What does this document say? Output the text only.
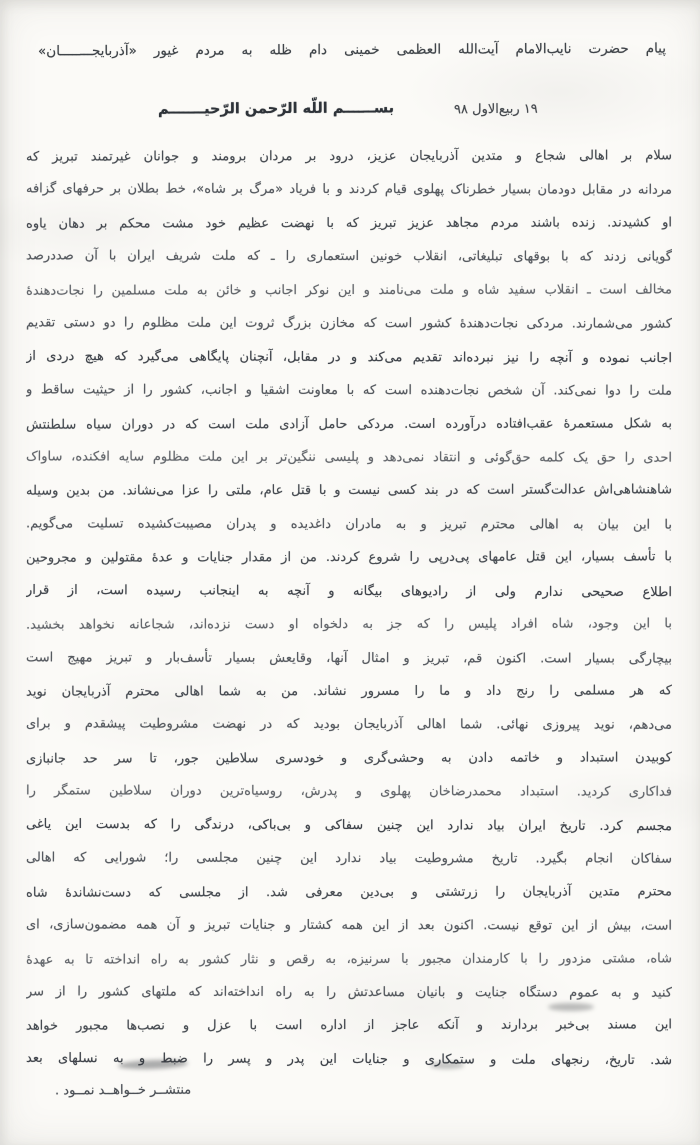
پیام حضرت نایب‌الامام آیت‌الله العظمی خمینی دام ظله به مردم غیور «آذربایجــــــــان»
۱۹ ربیع‌الاول ۹۸
بســــــم اللّه الرّحمن الرّحیـــــــم
سلام بر اهالی شجاع و متدین آذربایجان عزیز، درود بر مردان برومند و جوانان غیرتمند تبریز که
مردانه در مقابل دودمان بسیار خطرناک پهلوی قیام کردند و با فریاد «مرگ بر شاه»، خط بطلان بر حرفهای گزافه
او کشیدند. زنده باشند مردم مجاهد عزیز تبریز که با نهضت عظیم خود مشت محکم بر دهان یاوه
گویانی زدند که با بوقهای تبلیغاتی، انقلاب خونین استعماری را ـ که ملت شریف ایران با آن صددرصد
مخالف است ـ انقلاب سفید شاه و ملت می‌نامند و این نوکر اجانب و خائن به ملت مسلمین را نجات‌دهندهٔ
کشور می‌شمارند. مردکی نجات‌دهندهٔ کشور است که مخازن بزرگ ثروت این ملت مظلوم را دو دستی تقدیم
اجانب نموده و آنچه را نیز نبرده‌اند تقدیم می‌کند و در مقابل، آنچنان پایگاهی می‌گیرد که هیچ دردی از
ملت را دوا نمی‌کند. آن شخص نجات‌دهنده است که با معاونت اشقیا و اجانب، کشور را از حیثیت ساقط و
به شکل مستعمرهٔ عقب‌افتاده درآورده است. مردکی حامل آزادی ملت است که در دوران سیاه سلطنتش
احدی را حق یک کلمه حق‌گوئی و انتقاد نمی‌دهد و پلیسی ننگین‌تر بر این ملت مظلوم سایه افکنده، ساواک
شاهنشاهی‌اش عدالت‌گستر است که در بند کسی نیست و با قتل عام، ملتی را عزا می‌نشاند. من بدین وسیله
با این بیان به اهالی محترم تبریز و به مادران داغدیده و پدران مصیبت‌کشیده تسلیت می‌گویم.
با تأسف بسیار، این قتل عامهای پی‌درپی را شروع کردند. من از مقدار جنایات و عدهٔ مقتولین و مجروحین
اطلاع صحیحی ندارم ولی از رادیوهای بیگانه و آنچه به اینجانب رسیده است، از قرار
با این وجود، شاه افراد پلیس را که جز به دلخواه او دست نزده‌اند، شجاعانه نخواهد بخشید.
بیچارگی بسیار است. اکنون قم، تبریز و امثال آنها، وقایعش بسیار تأسف‌بار و تبریز مهیج است
که هر مسلمی را رنج داد و ما را مسرور نشاند. من به شما اهالی محترم آذربایجان نوید
می‌دهم، نوید پیروزی نهائی. شما اهالی آذربایجان بودید که در نهضت مشروطیت پیشقدم و برای
کوبیدن استبداد و خاتمه دادن به وحشی‌گری و خودسری سلاطین جور، تا سر حد جانبازی
فداکاری کردید. استبداد محمدرضاخان پهلوی و پدرش، روسیاه‌ترین دوران سلاطین ستمگر را
مجسم کرد. تاریخ ایران بیاد ندارد این چنین سفاکی و بی‌باکی، درندگی را که بدست این یاغی
سفاکان انجام بگیرد. تاریخ مشروطیت بیاد ندارد این چنین مجلسی را؛ شورایی که اهالی
محترم متدین آذربایجان را زرتشتی و بی‌دین معرفی شد. از مجلسی که دست‌نشاندهٔ شاه
است، بیش از این توقع نیست. اکنون بعد از این همه کشتار و جنایات تبریز و آن همه مضمون‌سازی، ای
شاه، مشتی مزدور را با کارمندان مجبور با سرنیزه، به رقص و نثار کشور به راه انداخته تا به عهدهٔ
کنید و به عموم دستگاه جنایت و بانیان مساعدتش را به راه انداخته‌اند که ملتهای کشور را از سر
این مسند بی‌خبر بردارند و آنکه عاجز از اداره است با عزل و نصب‌ها مجبور خواهد
شد. تاریخ، رنجهای ملت و ستمکاری و جنایات این پدر و پسر را ضبط و به نسلهای بعد
منتشــر خــواهــد نمــود .
